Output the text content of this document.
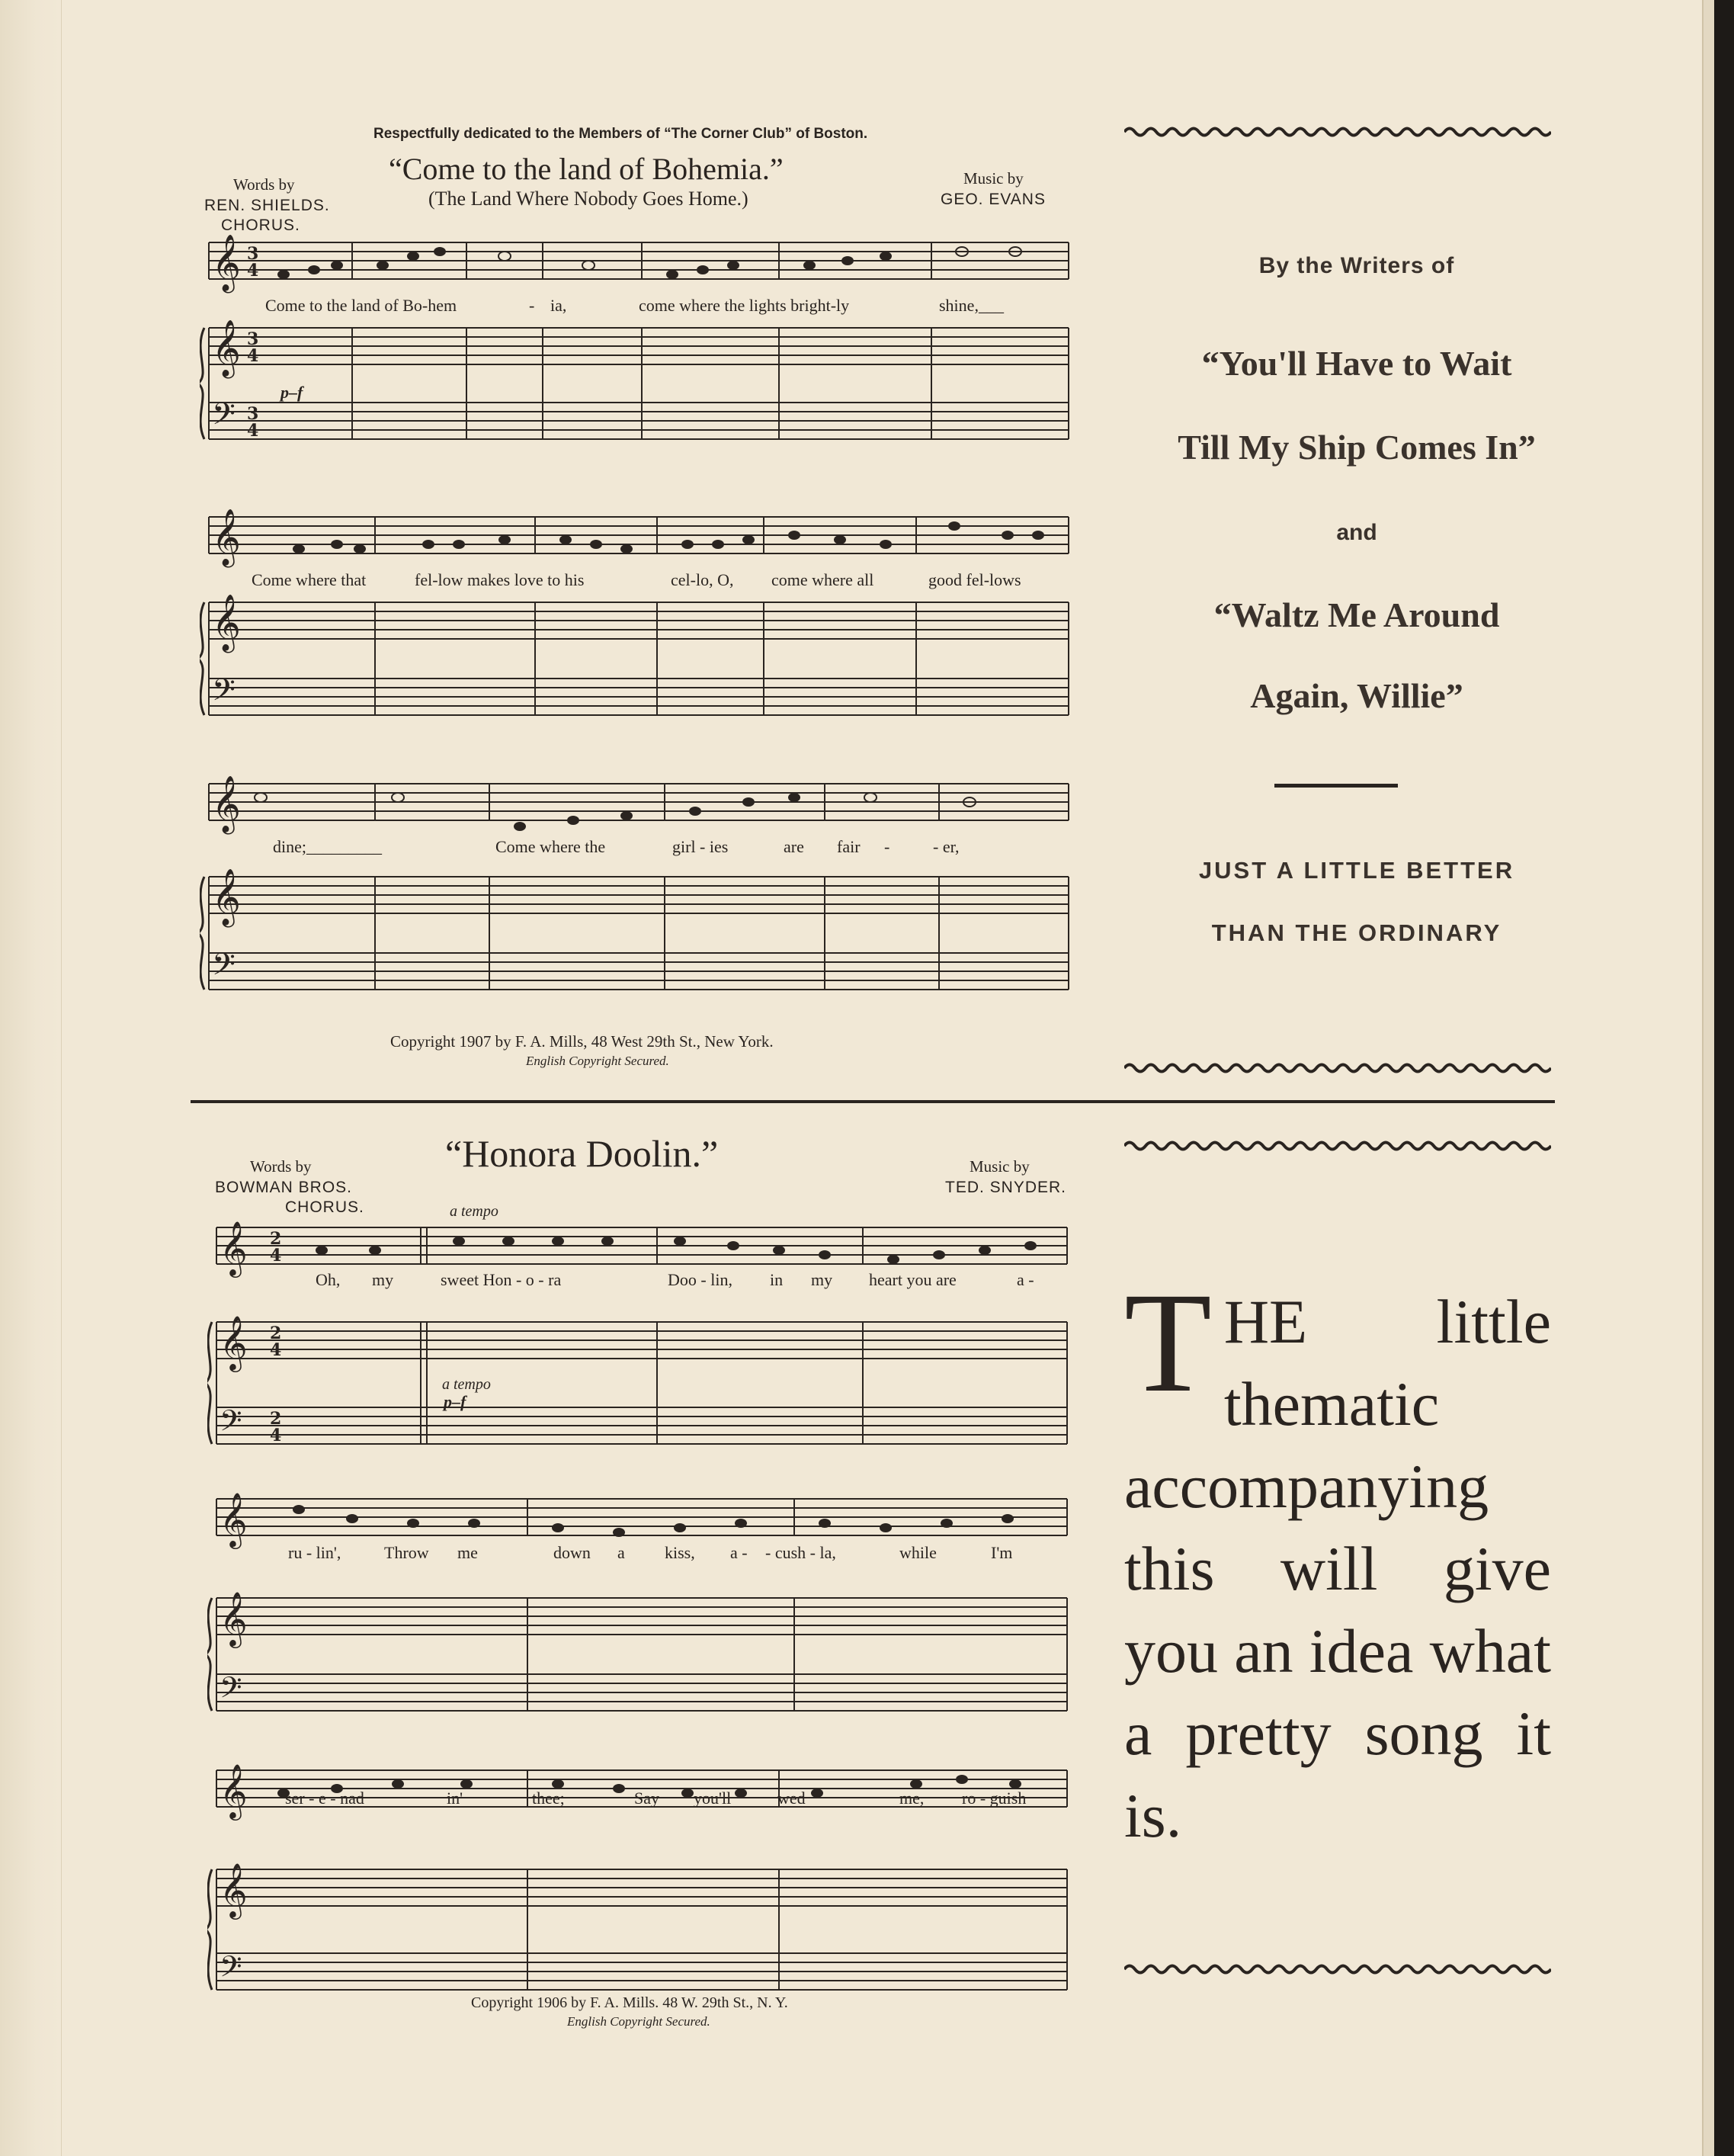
Respectfully dedicated to the Members of “The Corner Club” of Boston.
“Come to the land of Bohemia.”
(The Land Where Nobody Goes Home.)
Words by
REN. SHIELDS.
CHORUS.
Music by
GEO. EVANS
𝄞
𝄞
𝄢
𝄞
𝄞
𝄢
𝄞
𝄞
𝄢
3
4
3
4
3
4
p–f
Come to the land of Bo-hem	- ia,	come where the lights bright-ly	shine,___
Come where that	fel-low makes love to his	cel-lo, O, come where all	good fel-lows
dine;_________	Come where the	girl - ies	are fair -	- er,
Copyright 1907 by F. A. Mills, 48 West 29th St., New York.
English Copyright Secured.
“Honora Doolin.”
Words by
BOWMAN BROS.
CHORUS.
Music by
TED. SNYDER.
a tempo
𝄞
𝄞
𝄢
𝄞
𝄞
𝄢
𝄞
𝄞
𝄢
2
4
2
4
2
4
a tempo
p–f
Oh, my	sweet Hon - o - ra	Doo - lin, in my heart you are	a -
ru - lin',	Throw me	down a kiss, a - - cush - la,	while	I'm
ser - e - nad	in'	thee;	Say you'll	wed	me, ro - guish
Copyright 1906 by F. A. Mills. 48 W. 29th St., N. Y.
English Copyright Secured.
By the Writers of
“You'll Have to Wait
Till My Ship Comes In”
and
“Waltz Me Around
Again, Willie”
JUST A LITTLE BETTER
THAN THE ORDINARY
THE little thematic accompanying this will give you an idea what a pretty song it is.
